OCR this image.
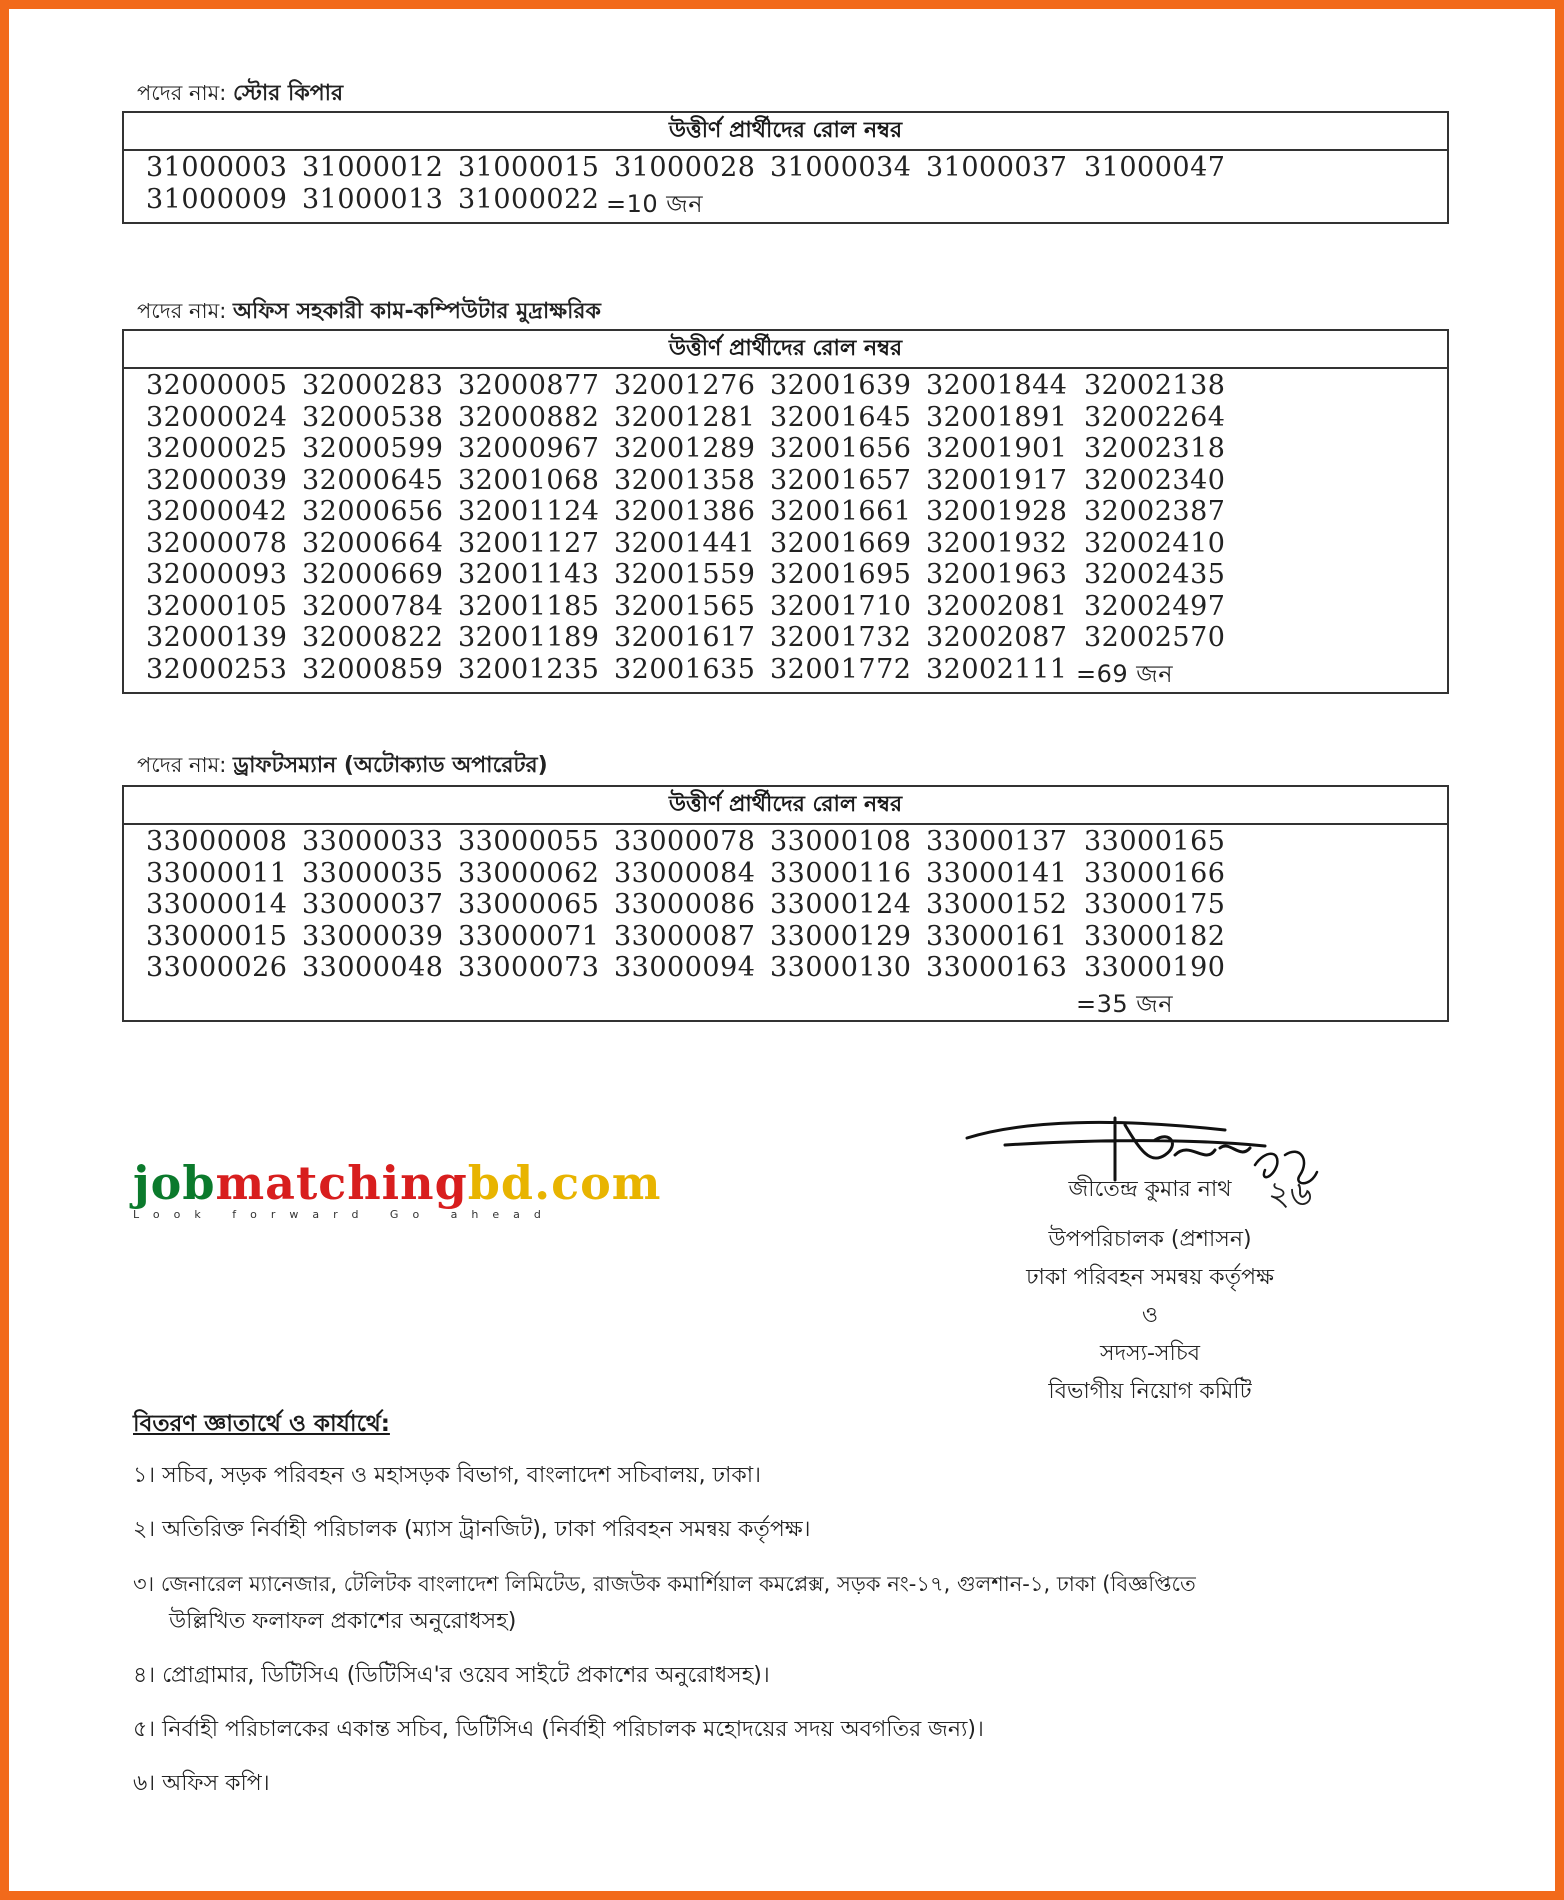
পদের নাম: স্টোর কিপার
উত্তীর্ণ প্রার্থীদের রোল নম্বর
31000003 31000012 31000015 31000028 31000034 31000037 31000047
31000009 31000013 31000022 =10 জন
পদের নাম: অফিস সহকারী কাম-কম্পিউটার মুদ্রাক্ষরিক
উত্তীর্ণ প্রার্থীদের রোল নম্বর
32000005 32000283 32000877 32001276 32001639 32001844 32002138
32000024 32000538 32000882 32001281 32001645 32001891 32002264
32000025 32000599 32000967 32001289 32001656 32001901 32002318
32000039 32000645 32001068 32001358 32001657 32001917 32002340
32000042 32000656 32001124 32001386 32001661 32001928 32002387
32000078 32000664 32001127 32001441 32001669 32001932 32002410
32000093 32000669 32001143 32001559 32001695 32001963 32002435
32000105 32000784 32001185 32001565 32001710 32002081 32002497
32000139 32000822 32001189 32001617 32001732 32002087 32002570
32000253 32000859 32001235 32001635 32001772 32002111 =69 জন
পদের নাম: ড্রাফটসম্যান (অটোক্যাড অপারেটর)
উত্তীর্ণ প্রার্থীদের রোল নম্বর
33000008 33000033 33000055 33000078 33000108 33000137 33000165
33000011 33000035 33000062 33000084 33000116 33000141 33000166
33000014 33000037 33000065 33000086 33000124 33000152 33000175
33000015 33000039 33000071 33000087 33000129 33000161 33000182
33000026 33000048 33000073 33000094 33000130 33000163 33000190
=35 জন
jobmatchingbd.com
Look forward Go ahead
জীতেন্দ্র কুমার নাথ	২৬
উপপরিচালক (প্রশাসন)
ঢাকা পরিবহন সমন্বয় কর্তৃপক্ষ
ও
সদস্য-সচিব
বিভাগীয় নিয়োগ কমিটি
বিতরণ জ্ঞাতার্থে ও কার্যার্থে:
১। সচিব, সড়ক পরিবহন ও মহাসড়ক বিভাগ, বাংলাদেশ সচিবালয়, ঢাকা।
২। অতিরিক্ত নির্বাহী পরিচালক (ম্যাস ট্রানজিট), ঢাকা পরিবহন সমন্বয় কর্তৃপক্ষ।
৩। জেনারেল ম্যানেজার, টেলিটক বাংলাদেশ লিমিটেড, রাজউক কমার্শিয়াল কমপ্লেক্স, সড়ক নং-১৭, গুলশান-১, ঢাকা (বিজ্ঞপ্তিতে
উল্লিখিত ফলাফল প্রকাশের অনুরোধসহ)
৪। প্রোগ্রামার, ডিটিসিএ (ডিটিসিএ'র ওয়েব সাইটে প্রকাশের অনুরোধসহ)।
৫। নির্বাহী পরিচালকের একান্ত সচিব, ডিটিসিএ (নির্বাহী পরিচালক মহোদয়ের সদয় অবগতির জন্য)।
৬। অফিস কপি।
